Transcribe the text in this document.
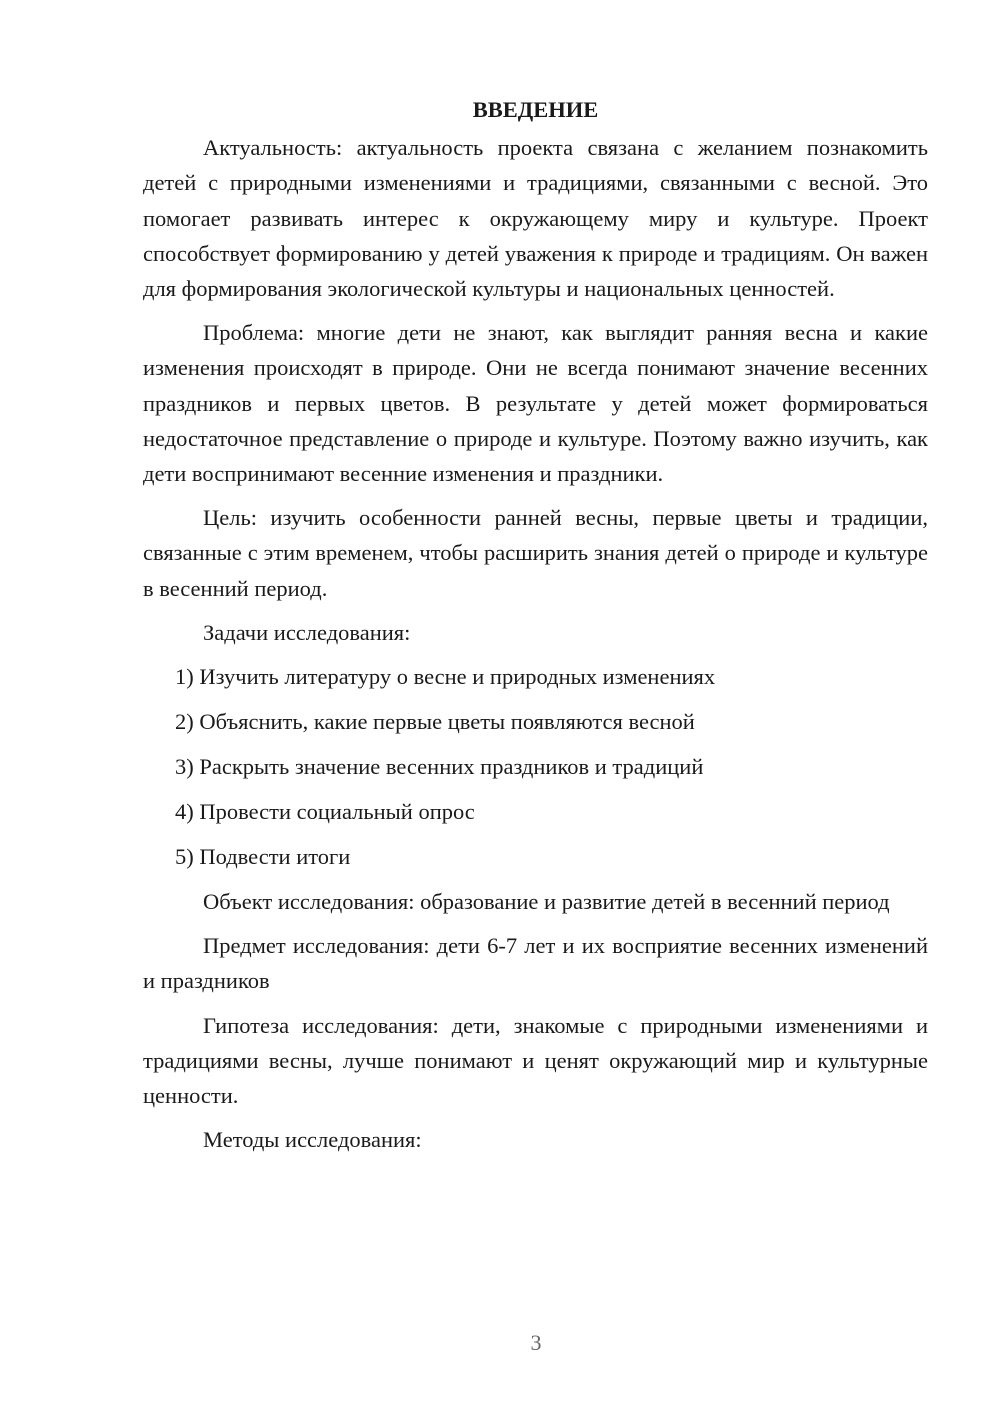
ВВЕДЕНИЕ

Актуальность: актуальность проекта связана с желанием познакомить детей с природными изменениями и традициями, связанными с весной. Это помогает развивать интерес к окружающему миру и культуре. Проект способствует формированию у детей уважения к природе и традициям. Он важен для формирования экологической культуры и национальных ценностей.

Проблема: многие дети не знают, как выглядит ранняя весна и какие изменения происходят в природе. Они не всегда понимают значение весенних праздников и первых цветов. В результате у детей может формироваться недостаточное представление о природе и культуре. Поэтому важно изучить, как дети воспринимают весенние изменения и праздники.

Цель: изучить особенности ранней весны, первые цветы и традиции, связанные с этим временем, чтобы расширить знания детей о природе и культуре в весенний период.

Задачи исследования:

1) Изучить литературу о весне и природных изменениях
2) Объяснить, какие первые цветы появляются весной
3) Раскрыть значение весенних праздников и традиций
4) Провести социальный опрос
5) Подвести итоги

Объект исследования: образование и развитие детей в весенний период

Предмет исследования: дети 6-7 лет и их восприятие весенних изменений и праздников

Гипотеза исследования: дети, знакомые с природными изменениями и традициями весны, лучше понимают и ценят окружающий мир и культурные ценности.

Методы исследования:

3
